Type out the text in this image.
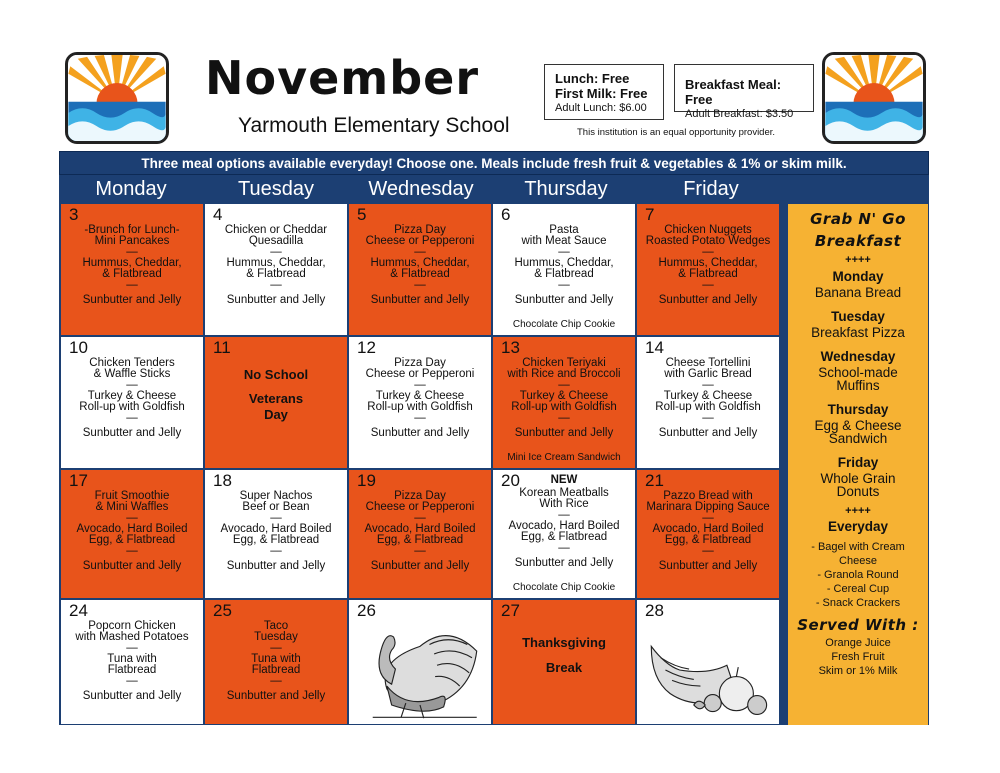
November
Yarmouth Elementary School
Lunch: Free
First Milk: Free
Adult Lunch: $6.00
Breakfast Meal: Free
Adult Breakfast: $3.50
This institution is an equal opportunity provider.
Three meal options available everyday! Choose one. Meals include fresh fruit & vegetables & 1% or skim milk.
Monday	Tuesday	Wednesday	Thursday	Friday
3
-Brunch for Lunch-
Mini Pancakes
—
Hummus, Cheddar,
& Flatbread
—
Sunbutter and Jelly
4
Chicken or Cheddar
Quesadilla
—
Hummus, Cheddar,
& Flatbread
—
Sunbutter and Jelly
5
Pizza Day
Cheese or Pepperoni
—
Hummus, Cheddar,
& Flatbread
—
Sunbutter and Jelly
6
Pasta
with Meat Sauce
—
Hummus, Cheddar,
& Flatbread
—
Sunbutter and Jelly
Chocolate Chip Cookie
7
Chicken Nuggets
Roasted Potato Wedges
—
Hummus, Cheddar,
& Flatbread
—
Sunbutter and Jelly
10
Chicken Tenders
& Waffle Sticks
—
Turkey & Cheese
Roll-up with Goldfish
—
Sunbutter and Jelly
11
No School
Veterans
Day
12
Pizza Day
Cheese or Pepperoni
—
Turkey & Cheese
Roll-up with Goldfish
—
Sunbutter and Jelly
13
Chicken Teriyaki
with Rice and Broccoli
—
Turkey & Cheese
Roll-up with Goldfish
—
Sunbutter and Jelly
Mini Ice Cream Sandwich
14
Cheese Tortellini
with Garlic Bread
—
Turkey & Cheese
Roll-up with Goldfish
—
Sunbutter and Jelly
17
Fruit Smoothie
& Mini Waffles
—
Avocado, Hard Boiled
Egg, & Flatbread
—
Sunbutter and Jelly
18
Super Nachos
Beef or Bean
—
Avocado, Hard Boiled
Egg, & Flatbread
—
Sunbutter and Jelly
19
Pizza Day
Cheese or Pepperoni
—
Avocado, Hard Boiled
Egg, & Flatbread
—
Sunbutter and Jelly
20	NEW
Korean Meatballs
With Rice
—
Avocado, Hard Boiled
Egg, & Flatbread
—
Sunbutter and Jelly
Chocolate Chip Cookie
21
Pazzo Bread with
Marinara Dipping Sauce
—
Avocado, Hard Boiled
Egg, & Flatbread
—
Sunbutter and Jelly
24
Popcorn Chicken
with Mashed Potatoes
—
Tuna with
Flatbread
—
Sunbutter and Jelly
25
Taco
Tuesday
—
Tuna with
Flatbread
—
Sunbutter and Jelly
26	27
Thanksgiving
Break
28
Grab N' Go
Breakfast
++++
Monday
Banana Bread
Tuesday
Breakfast Pizza
Wednesday
School-made Muffins
Thursday
Egg & Cheese Sandwich
Friday
Whole Grain Donuts
++++
Everyday
- Bagel with Cream
Cheese
- Granola Round
- Cereal Cup
- Snack Crackers
Served With :
Orange Juice
Fresh Fruit
Skim or 1% Milk
